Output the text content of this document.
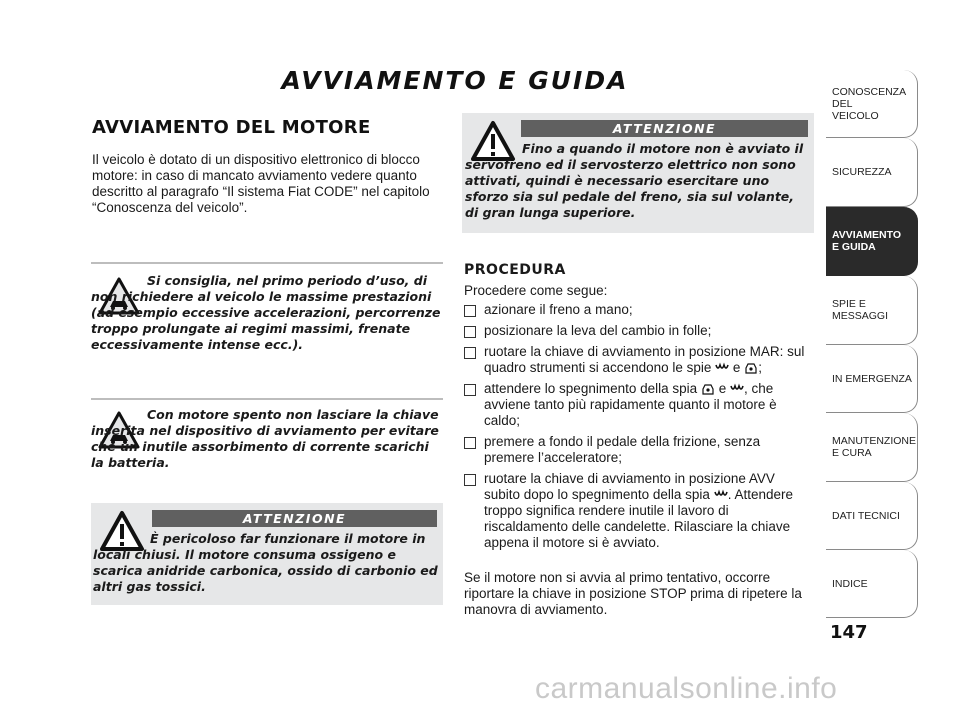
AVVIAMENTO E GUIDA
AVVIAMENTO DEL MOTORE
Il veicolo è dotato di un dispositivo elettronico di blocco motore: in caso di mancato avviamento vedere quanto descritto al paragrafo “Il sistema Fiat CODE” nel capitolo “Conoscenza del veicolo”.
Si consiglia, nel primo periodo d’uso, di non richiedere al veicolo le massime prestazioni (ad esempio eccessive accelerazioni, percorrenze troppo prolungate ai regimi massimi, frenate eccessivamente intense ecc.).
Con motore spento non lasciare la chiave inserita nel dispositivo di avviamento per evitare che un inutile assorbimento di corrente scarichi la batteria.
ATTENZIONE
È pericoloso far funzionare il motore in locali chiusi. Il motore consuma ossigeno e scarica anidride carbonica, ossido di carbonio ed altri gas tossici.
ATTENZIONE
Fino a quando il motore non è avviato il servofreno ed il servosterzo elettrico non sono attivati, quindi è necessario esercitare uno sforzo sia sul pedale del freno, sia sul volante, di gran lunga superiore.
PROCEDURA
Procedere come segue:
azionare il freno a mano;
posizionare la leva del cambio in folle;
ruotare la chiave di avviamento in posizione MAR: sul quadro strumenti si accendono le spie e ;
attendere lo spegnimento della spia e , che avviene tanto più rapidamente quanto il motore è caldo;
premere a fondo il pedale della frizione, senza premere l’acceleratore;
ruotare la chiave di avviamento in posizione AVV subito dopo lo spegnimento della spia . Attendere troppo significa rendere inutile il lavoro di riscaldamento delle candelette. Rilasciare la chiave appena il motore si è avviato.
Se il motore non si avvia al primo tentativo, occorre riportare la chiave in posizione STOP prima di ripetere la manovra di avviamento.
CONOSCENZA
DEL
VEICOLO
SICUREZZA
AVVIAMENTO
E GUIDA
SPIE E
MESSAGGI
IN EMERGENZA
MANUTENZIONE
E CURA
DATI TECNICI
INDICE
147
carmanualsonline.info
